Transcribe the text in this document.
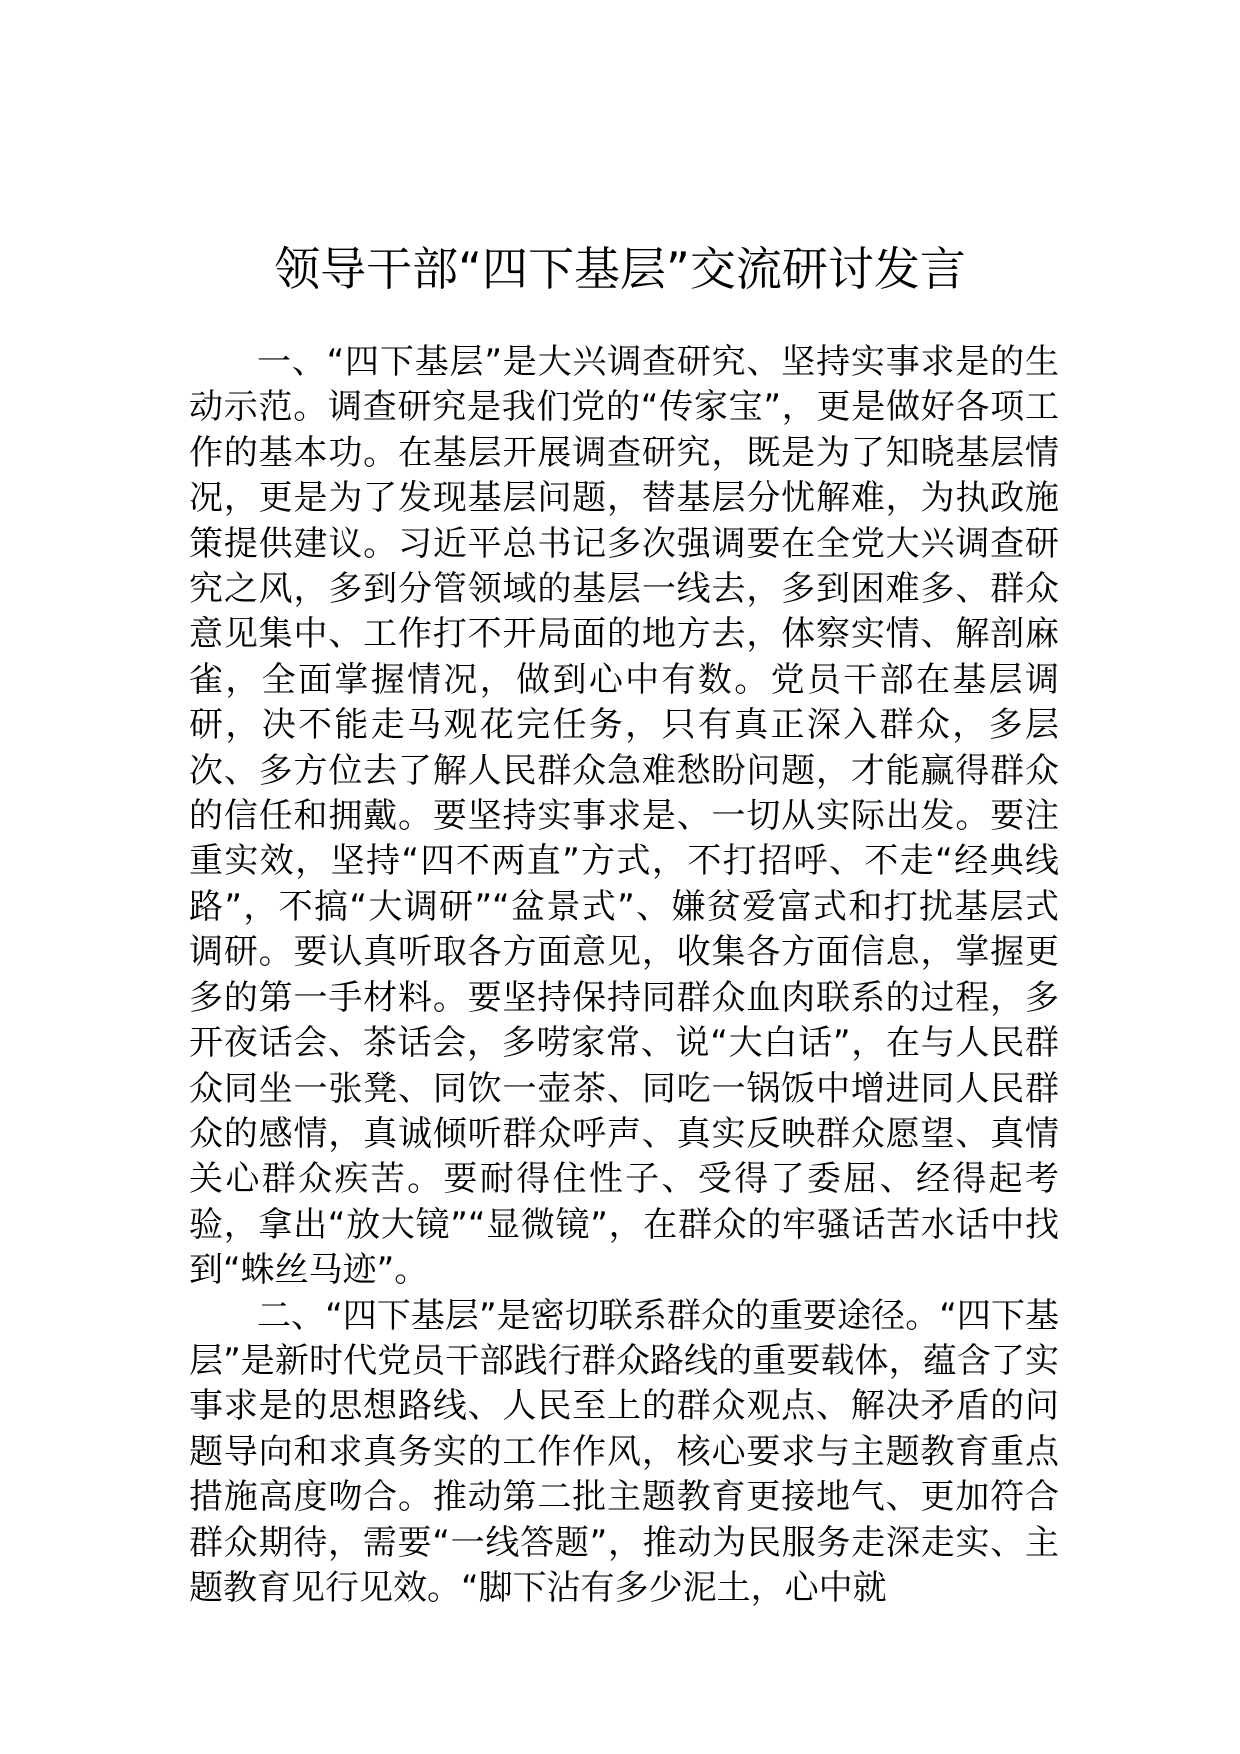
领导干部“四下基层”交流研讨发言

一、“四下基层”是大兴调查研究、坚持实事求是的生动示范。调查研究是我们党的“传家宝”，更是做好各项工作的基本功。在基层开展调查研究，既是为了知晓基层情况，更是为了发现基层问题，替基层分忧解难，为执政施策提供建议。习近平总书记多次强调要在全党大兴调查研究之风，多到分管领域的基层一线去，多到困难多、群众意见集中、工作打不开局面的地方去，体察实情、解剖麻雀，全面掌握情况，做到心中有数。党员干部在基层调研，决不能走马观花完任务，只有真正深入群众，多层次、多方位去了解人民群众急难愁盼问题，才能赢得群众的信任和拥戴。要坚持实事求是、一切从实际出发。要注重实效，坚持“四不两直”方式，不打招呼、不走“经典线路”，不搞“大调研”“盆景式”、嫌贫爱富式和打扰基层式调研。要认真听取各方面意见，收集各方面信息，掌握更多的第一手材料。要坚持保持同群众血肉联系的过程，多开夜话会、茶话会，多唠家常、说“大白话”，在与人民群众同坐一张凳、同饮一壶茶、同吃一锅饭中增进同人民群众的感情，真诚倾听群众呼声、真实反映群众愿望、真情关心群众疾苦。要耐得住性子、受得了委屈、经得起考验，拿出“放大镜”“显微镜”，在群众的牢骚话苦水话中找到“蛛丝马迹”。

二、“四下基层”是密切联系群众的重要途径。“四下基层”是新时代党员干部践行群众路线的重要载体，蕴含了实事求是的思想路线、人民至上的群众观点、解决矛盾的问题导向和求真务实的工作作风，核心要求与主题教育重点措施高度吻合。推动第二批主题教育更接地气、更加符合群众期待，需要“一线答题”，推动为民服务走深走实、主题教育见行见效。“脚下沾有多少泥土，心中就
